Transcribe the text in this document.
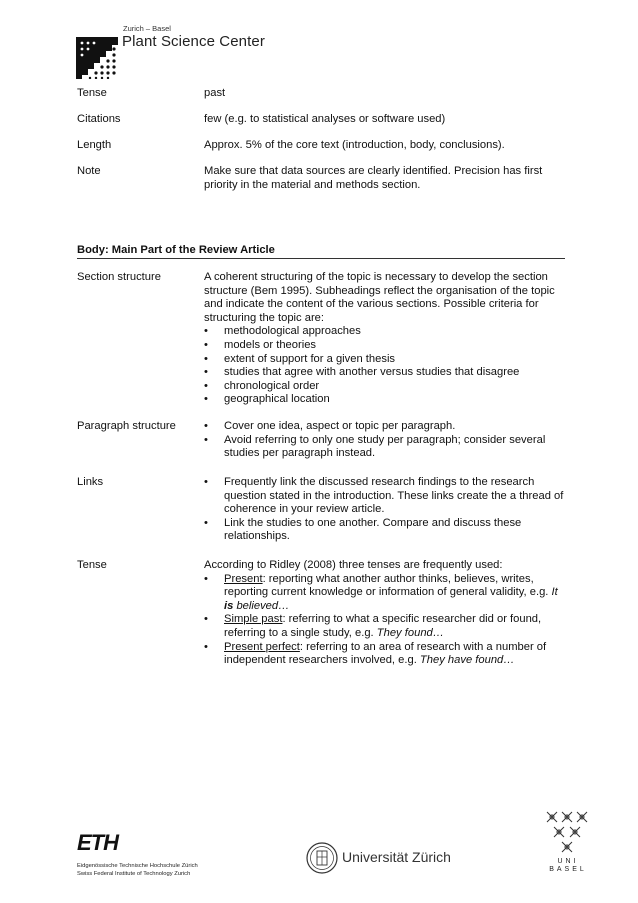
Zurich – Basel
Plant Science Center
Tense	past
Citations	few (e.g. to statistical analyses or software used)
Length	Approx. 5% of the core text (introduction, body, conclusions).
Note	Make sure that data sources are clearly identified. Precision has first priority in the material and methods section.
Body: Main Part of the Review Article
Section structure	A coherent structuring of the topic is necessary to develop the section structure (Bem 1995). Subheadings reflect the organisation of the topic and indicate the content of the various sections. Possible criteria for structuring the topic are:
• methodological approaches
• models or theories
• extent of support for a given thesis
• studies that agree with another versus studies that disagree
• chronological order
• geographical location
Paragraph structure	• Cover one idea, aspect or topic per paragraph.
• Avoid referring to only one study per paragraph; consider several studies per paragraph instead.
Links	• Frequently link the discussed research findings to the research question stated in the introduction. These links create the a thread of coherence in your review article.
• Link the studies to one another. Compare and discuss these relationships.
Tense	According to Ridley (2008) three tenses are frequently used:
• Present: reporting what another author thinks, believes, writes, reporting current knowledge or information of general validity, e.g. It is believed…
• Simple past: referring to what a specific researcher did or found, referring to a single study, e.g. They found…
• Present perfect: referring to an area of research with a number of independent researchers involved, e.g. They have found…
ETH
Eidgenössische Technische Hochschule Zürich
Swiss Federal Institute of Technology Zurich
Universität Zürich	UNI
BASEL
